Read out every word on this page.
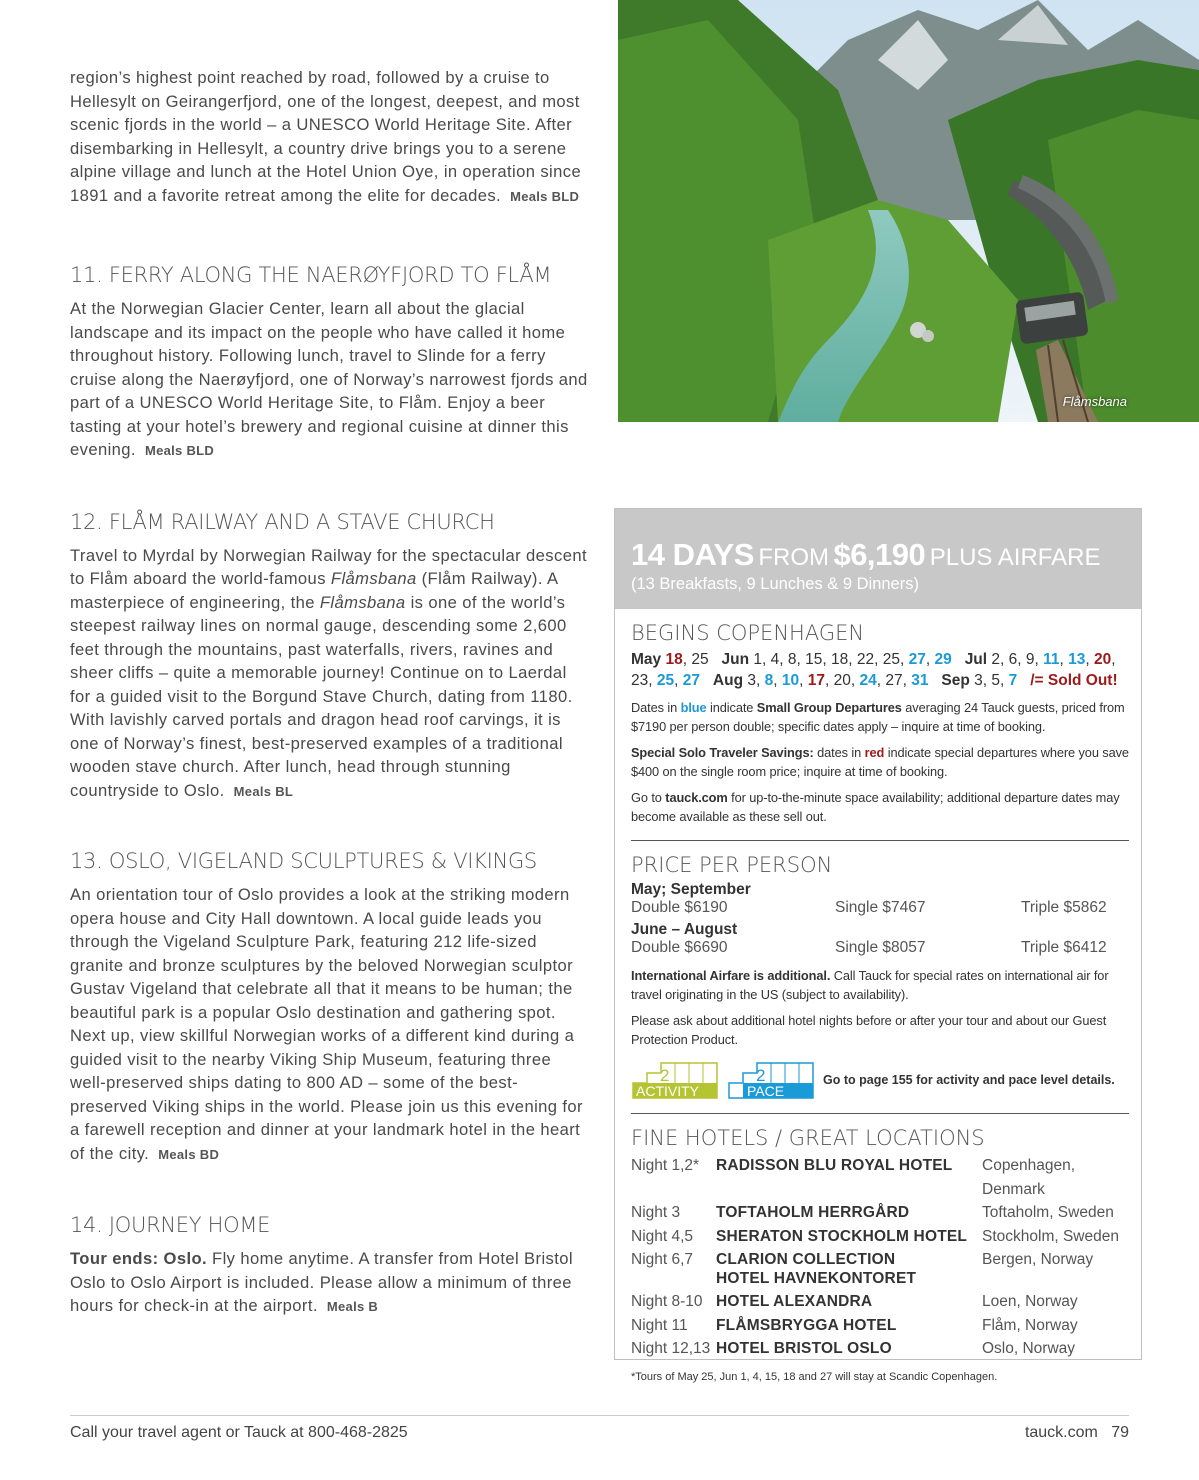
region’s highest point reached by road, followed by a cruise to Hellesylt on Geirangerfjord, one of the longest, deepest, and most scenic fjords in the world – a UNESCO World Heritage Site. After disembarking in Hellesylt, a country drive brings you to a serene alpine village and lunch at the Hotel Union Oye, in operation since 1891 and a favorite retreat among the elite for decades. Meals BLD

11. FERRY ALONG THE NAERØYFJORD TO FLÅM

At the Norwegian Glacier Center, learn all about the glacial landscape and its impact on the people who have called it home throughout history. Following lunch, travel to Slinde for a ferry cruise along the Naerøyfjord, one of Norway’s narrowest fjords and part of a UNESCO World Heritage Site, to Flåm. Enjoy a beer tasting at your hotel’s brewery and regional cuisine at dinner this evening. Meals BLD

12. FLÅM RAILWAY AND A STAVE CHURCH

Travel to Myrdal by Norwegian Railway for the spectacular descent to Flåm aboard the world-famous Flåmsbana (Flåm Railway). A masterpiece of engineering, the Flåmsbana is one of the world’s steepest railway lines on normal gauge, descending some 2,600 feet through the mountains, past waterfalls, rivers, ravines and sheer cliffs – quite a memorable journey! Continue on to Laerdal for a guided visit to the Borgund Stave Church, dating from 1180. With lavishly carved portals and dragon head roof carvings, it is one of Norway’s finest, best-preserved examples of a traditional wooden stave church. After lunch, head through stunning countryside to Oslo. Meals BL

13. OSLO, VIGELAND SCULPTURES & VIKINGS

An orientation tour of Oslo provides a look at the striking modern opera house and City Hall downtown. A local guide leads you through the Vigeland Sculpture Park, featuring 212 life-sized granite and bronze sculptures by the beloved Norwegian sculptor Gustav Vigeland that celebrate all that it means to be human; the beautiful park is a popular Oslo destination and gathering spot. Next up, view skillful Norwegian works of a different kind during a guided visit to the nearby Viking Ship Museum, featuring three well-preserved ships dating to 800 AD – some of the best-preserved Viking ships in the world. Please join us this evening for a farewell reception and dinner at your landmark hotel in the heart of the city. Meals BD

14. JOURNEY HOME

Tour ends: Oslo. Fly home anytime. A transfer from Hotel Bristol Oslo to Oslo Airport is included. Please allow a minimum of three hours for check-in at the airport. Meals B

Flåmsbana
14 DAYS FROM $6,190 PLUS AIRFARE
(13 Breakfasts, 9 Lunches & 9 Dinners)
BEGINS COPENHAGEN
May 18, 25 Jun 1, 4, 8, 15, 18, 22, 25, 27, 29 Jul 2, 6, 9, 11, 13, 20, 23, 25, 27 Aug 3, 8, 10, 17, 20, 24, 27, 31 Sep 3, 5, 7 /= Sold Out!

Dates in blue indicate Small Group Departures averaging 24 Tauck guests, priced from $7190 per person double; specific dates apply – inquire at time of booking.

Special Solo Traveler Savings: dates in red indicate special departures where you save $400 on the single room price; inquire at time of booking.

Go to tauck.com for up-to-the-minute space availability; additional departure dates may become available as these sell out.

PRICE PER PERSON
May; September
Double $6190	Single $7467	Triple $5862
June – August
Double $6690	Single $8057	Triple $6412

International Airfare is additional. Call Tauck for special rates on international air for travel originating in the US (subject to availability).

Please ask about additional hotel nights before or after your tour and about our Guest Protection Product.

2
ACTIVITY
2
PACE
Go to page 155 for activity and pace level details.
FINE HOTELS / GREAT LOCATIONS
Night 1,2*	RADISSON BLU ROYAL HOTEL	Copenhagen, Denmark
Night 3	TOFTAHOLM HERRGÅRD	Toftaholm, Sweden
Night 4,5	SHERATON STOCKHOLM HOTEL Stockholm, Sweden
Night 6,7	CLARION COLLECTION HOTEL HAVNEKONTORET
Bergen, Norway
Night 8-10 HOTEL ALEXANDRA	Loen, Norway
Night 11	FLÅMSBRYGGA HOTEL	Flåm, Norway
Night 12,13 HOTEL BRISTOL OSLO	Oslo, Norway
*Tours of May 25, Jun 1, 4, 15, 18 and 27 will stay at Scandic Copenhagen.
Call your travel agent or Tauck at 800-468-2825	tauck.com 79
